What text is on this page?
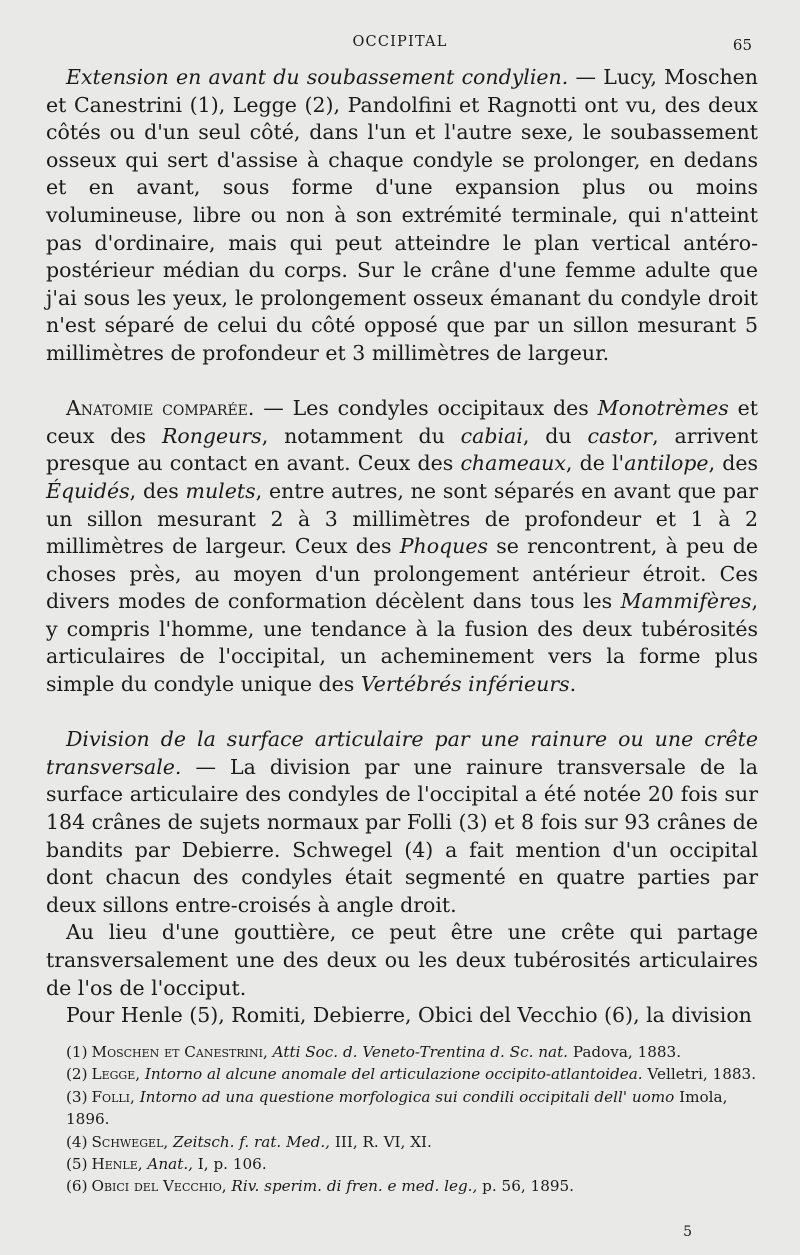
OCCIPITAL	65

Extension en avant du soubassement condylien. — Lucy, Moschen et Canestrini (1), Legge (2), Pandolfini et Ragnotti ont vu, des deux côtés ou d'un seul côté, dans l'un et l'autre sexe, le soubassement osseux qui sert d'assise à chaque condyle se prolonger, en dedans et en avant, sous forme d'une expansion plus ou moins volumineuse, libre ou non à son extrémité terminale, qui n'atteint pas d'ordinaire, mais qui peut atteindre le plan vertical antéro-postérieur médian du corps. Sur le crâne d'une femme adulte que j'ai sous les yeux, le prolongement osseux émanant du condyle droit n'est séparé de celui du côté opposé que par un sillon mesurant 5 millimètres de profondeur et 3 millimètres de largeur.

Anatomie comparée. — Les condyles occipitaux des Monotrèmes et ceux des Rongeurs, notamment du cabiai, du castor, arrivent presque au contact en avant. Ceux des chameaux, de l'antilope, des Équidés, des mulets, entre autres, ne sont séparés en avant que par un sillon mesurant 2 à 3 millimètres de profondeur et 1 à 2 millimètres de largeur. Ceux des Phoques se rencontrent, à peu de choses près, au moyen d'un prolongement antérieur étroit. Ces divers modes de conformation décèlent dans tous les Mammifères, y compris l'homme, une tendance à la fusion des deux tubérosités articulaires de l'occipital, un acheminement vers la forme plus simple du condyle unique des Vertébrés inférieurs.

Division de la surface articulaire par une rainure ou une crête transversale. — La division par une rainure transversale de la surface articulaire des condyles de l'occipital a été notée 20 fois sur 184 crânes de sujets normaux par Folli (3) et 8 fois sur 93 crânes de bandits par Debierre. Schwegel (4) a fait mention d'un occipital dont chacun des condyles était segmenté en quatre parties par deux sillons entre-croisés à angle droit.

Au lieu d'une gouttière, ce peut être une crête qui partage transversalement une des deux ou les deux tubérosités articulaires de l'os de l'occiput.

Pour Henle (5), Romiti, Debierre, Obici del Vecchio (6), la division

(1) Moschen et Canestrini, Atti Soc. d. Veneto-Trentina d. Sc. nat. Padova, 1883.

(2) Legge, Intorno al alcune anomale del articulazione occipito-atlantoidea. Velletri, 1883.

(3) Folli, Intorno ad una questione morfologica sui condili occipitali dell' uomo Imola, 1896.

(4) Schwegel, Zeitsch. f. rat. Med., III, R. VI, XI.

(5) Henle, Anat., I, p. 106.

(6) Obici del Vecchio, Riv. sperim. di fren. e med. leg., p. 56, 1895.

5
